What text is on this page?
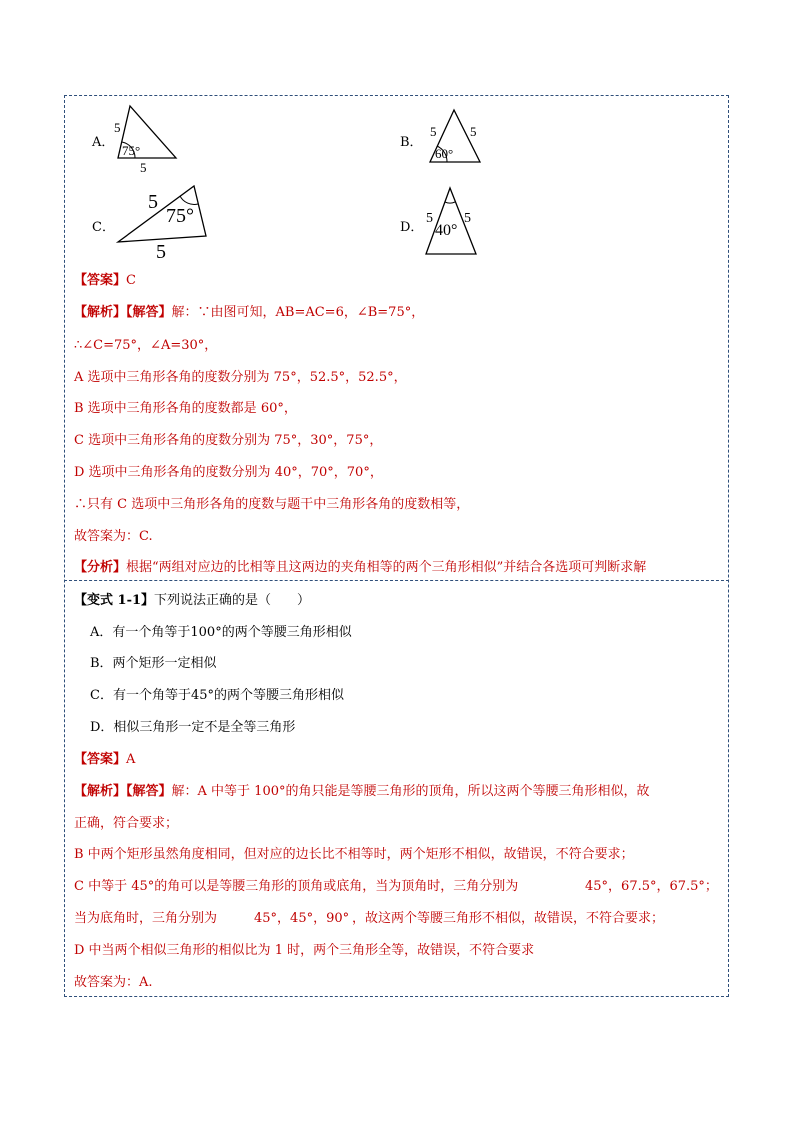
A．
5
5
75°
B．
5	5
60°
C．
5
5
75°
D．
5 5
40°
【答案】C
【解析】【解答】解：∵由图可知，AB=AC=6，∠B=75°，
∴∠C=75°，∠A=30°，
A 选项中三角形各角的度数分别为 75°，52.5°，52.5°，
B 选项中三角形各角的度数都是 60°，
C 选项中三角形各角的度数分别为 75°，30°，75°，
D 选项中三角形各角的度数分别为 40°，70°，70°，
∴只有 C 选项中三角形各角的度数与题干中三角形各角的度数相等，
故答案为：C.
【分析】根据“两组对应边的比相等且这两边的夹角相等的两个三角形相似”并结合各选项可判断求解
【变式 1-1】下列说法正确的是（　　）
A．有一个角等于100°的两个等腰三角形相似
B．两个矩形一定相似
C．有一个角等于45°的两个等腰三角形相似
D．相似三角形一定不是全等三角形
【答案】A
【解析】【解答】解：A 中等于 100°的角只能是等腰三角形的顶角，所以这两个等腰三角形相似，故
正确，符合要求；
B 中两个矩形虽然角度相同，但对应的边长比不相等时，两个矩形不相似，故错误，不符合要求；
C 中等于 45°的角可以是等腰三角形的顶角或底角，当为顶角时，三角分别为	45°，67.5°，67.5°；
当为底角时，三角分别为	45°，45°，90° ，故这两个等腰三角形不相似，故错误，不符合要求；
D 中当两个相似三角形的相似比为 1 时，两个三角形全等，故错误，不符合要求
故答案为：A.
